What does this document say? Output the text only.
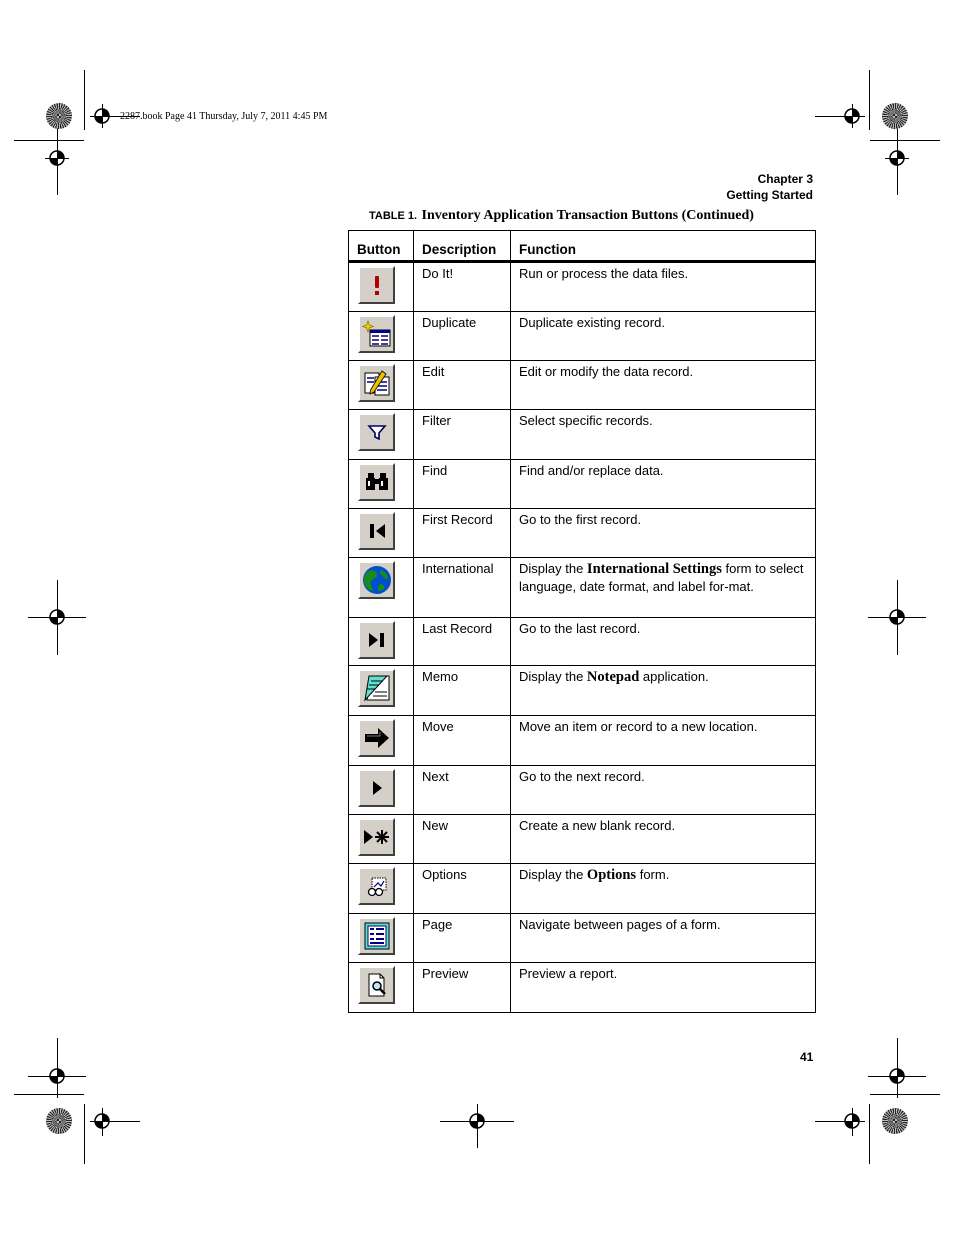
2287.book Page 41 Thursday, July 7, 2011 4:45 PM
Chapter 3
Getting Started
TABLE 1. Inventory Application Transaction Buttons (Continued)
Button	Description	Function

	Do It!	Run or process the data files.

	Duplicate	Duplicate existing record.

	Edit	Edit or modify the data record.

	Filter	Select specific records.

	Find	Find and/or replace data.

	First Record	Go to the first record.

	International	Display the International Settings form to select language, date format, and label for-mat.

	Last Record	Go to the last record.

	Memo	Display the Notepad application.

	Move	Move an item or record to a new location.

	Next	Go to the next record.

	New	Create a new blank record.

	Options	Display the Options form.

	Page	Navigate between pages of a form.

	Preview	Preview a report.
41
